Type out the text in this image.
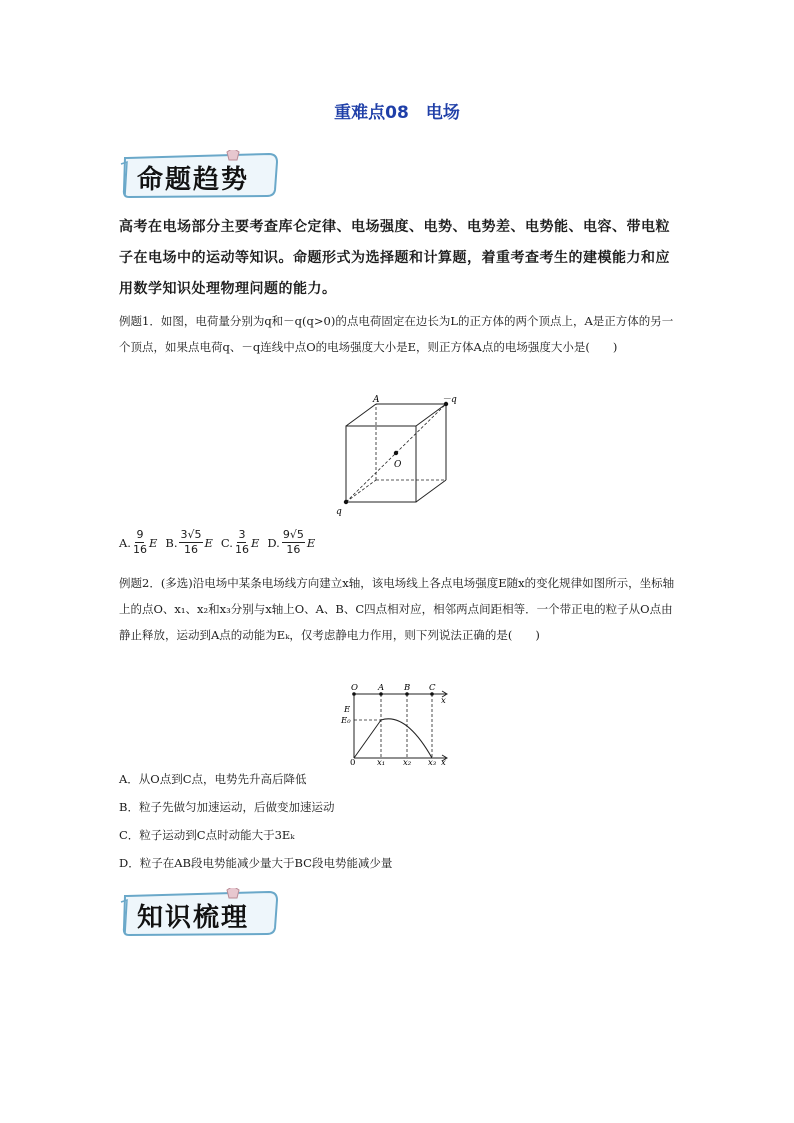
重难点08　电场
命题趋势
高考在电场部分主要考查库仑定律、电场强度、电势、电势差、电势能、电容、带电粒子在电场中的运动等知识。命题形式为选择题和计算题，着重考查考生的建模能力和应用数学知识处理物理问题的能力。
例题1．如图，电荷量分别为q和－q(q>0)的点电荷固定在边长为L的正方体的两个顶点上，A是正方体的另一个顶点，如果点电荷q、－q连线中点O的电场强度大小是E，则正方体A点的电场强度大小是(　　)
A	－q
O
q
A. $\frac{9}{16}$ E B. $\frac{3√5}{16}$ E C. $\frac{3}{16}$ E D. $\frac{9√5}{16}$ E
例题2．(多选)沿电场中某条电场线方向建立x轴，该电场线上各点电场强度E随x的变化规律如图所示，坐标轴上的点O、x₁、x₂和x₃分别与x轴上O、A、B、C四点相对应，相邻两点间距相等．一个带正电的粒子从O点由静止释放，运动到A点的动能为Eₖ，仅考虑静电力作用，则下列说法正确的是(　　)
O A B C
x
E
E₀
0	x₁ x₂ x₃ x
A．从O点到C点，电势先升高后降低
B．粒子先做匀加速运动，后做变加速运动
C．粒子运动到C点时动能大于3Eₖ
D．粒子在AB段电势能减少量大于BC段电势能减少量
知识梳理
